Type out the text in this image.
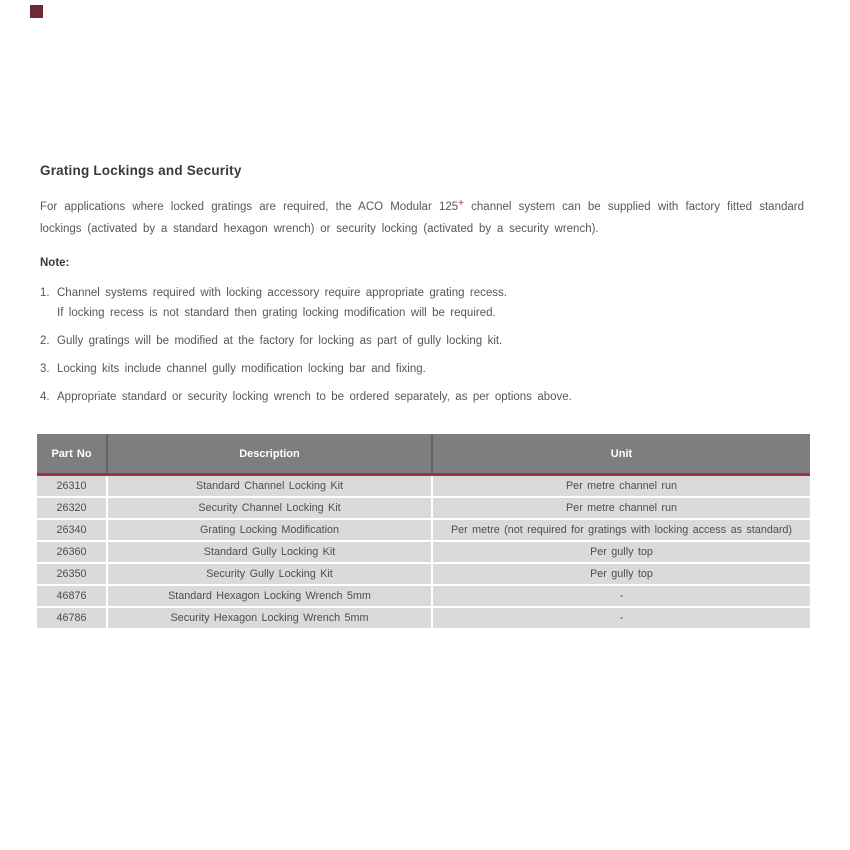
Grating Lockings and Security

For applications where locked gratings are required, the ACO Modular 125+ channel system can be supplied with factory fitted standard lockings (activated by a standard hexagon wrench) or security locking (activated by a security wrench).

Note:
1. Channel systems required with locking accessory require appropriate grating recess.
If locking recess is not standard then grating locking modification will be required.
2. Gully gratings will be modified at the factory for locking as part of gully locking kit.
3. Locking kits include channel gully modification locking bar and fixing.
4. Appropriate standard or security locking wrench to be ordered separately, as per options above.
Part No	Description	Unit
26310	Standard Channel Locking Kit	Per metre channel run
26320	Security Channel Locking Kit	Per metre channel run
26340	Grating Locking Modification	Per metre (not required for gratings with locking access as standard)
26360	Standard Gully Locking Kit	Per gully top
26350	Security Gully Locking Kit	Per gully top
46876	Standard Hexagon Locking Wrench 5mm	-
46786	Security Hexagon Locking Wrench 5mm	-
